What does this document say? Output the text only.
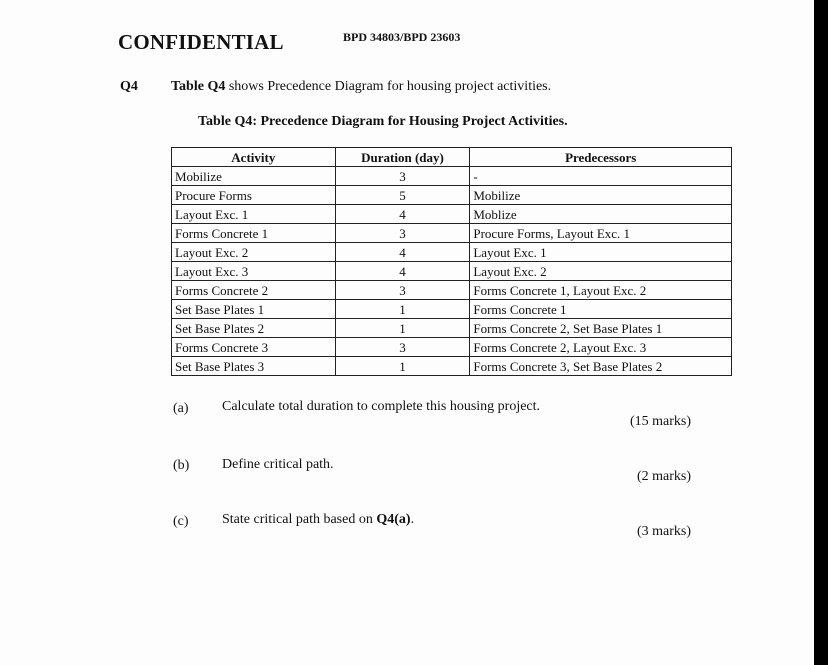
CONFIDENTIAL	BPD 34803/BPD 23603
Q4 Table Q4 shows Precedence Diagram for housing project activities.
Table Q4: Precedence Diagram for Housing Project Activities.
Activity	Duration (day)	Predecessors
Mobilize	3	-
Procure Forms	5	Mobilize
Layout Exc. 1	4	Moblize
Forms Concrete 1	3	Procure Forms, Layout Exc. 1
Layout Exc. 2	4	Layout Exc. 1
Layout Exc. 3	4	Layout Exc. 2
Forms Concrete 2	3	Forms Concrete 1, Layout Exc. 2
Set Base Plates 1	1	Forms Concrete 1
Set Base Plates 2	1	Forms Concrete 2, Set Base Plates 1
Forms Concrete 3	3	Forms Concrete 2, Layout Exc. 3
Set Base Plates 3	1	Forms Concrete 3, Set Base Plates 2
(a) Calculate total duration to complete this housing project.
(15 marks)
(b) Define critical path.
(2 marks)
(c) State critical path based on Q4(a).
(3 marks)
